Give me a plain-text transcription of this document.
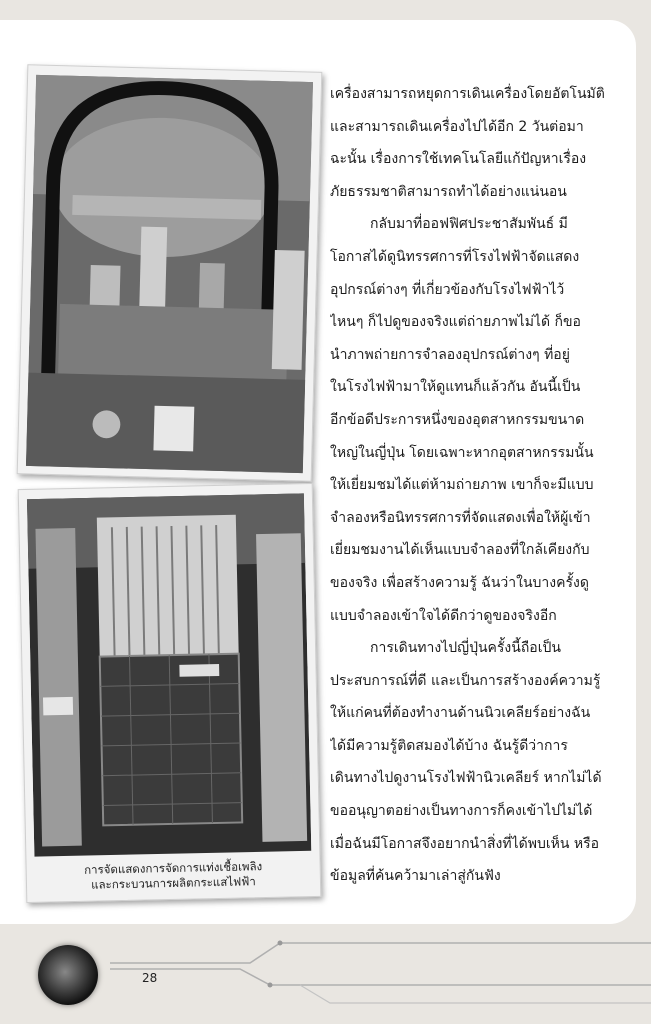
การจัดแสดงการจัดการแท่งเชื้อเพลิง
และกระบวนการผลิตกระแสไฟฟ้า
เครื่องสามารถหยุดการเดินเครื่องโดยอัตโนมัติ
และสามารถเดินเครื่องไปได้อีก 2 วันต่อมา
ฉะนั้น เรื่องการใช้เทคโนโลยีแก้ปัญหาเรื่อง
ภัยธรรมชาติสามารถทำได้อย่างแน่นอน
กลับมาที่ออฟฟิศประชาสัมพันธ์ มี
โอกาสได้ดูนิทรรศการที่โรงไฟฟ้าจัดแสดง
อุปกรณ์ต่างๆ ที่เกี่ยวข้องกับโรงไฟฟ้าไว้
ไหนๆ ก็ไปดูของจริงแต่ถ่ายภาพไม่ได้ ก็ขอ
นำภาพถ่ายการจำลองอุปกรณ์ต่างๆ ที่อยู่
ในโรงไฟฟ้ามาให้ดูแทนก็แล้วกัน อันนี้เป็น
อีกข้อดีประการหนึ่งของอุตสาหกรรมขนาด
ใหญ่ในญี่ปุ่น โดยเฉพาะหากอุตสาหกรรมนั้น
ให้เยี่ยมชมได้แต่ห้ามถ่ายภาพ เขาก็จะมีแบบ
จำลองหรือนิทรรศการที่จัดแสดงเพื่อให้ผู้เข้า
เยี่ยมชมงานได้เห็นแบบจำลองที่ใกล้เคียงกับ
ของจริง เพื่อสร้างความรู้ ฉันว่าในบางครั้งดู
แบบจำลองเข้าใจได้ดีกว่าดูของจริงอีก
การเดินทางไปญี่ปุ่นครั้งนี้ถือเป็น
ประสบการณ์ที่ดี และเป็นการสร้างองค์ความรู้
ให้แก่คนที่ต้องทำงานด้านนิวเคลียร์อย่างฉัน
ได้มีความรู้ติดสมองได้บ้าง ฉันรู้ดีว่าการ
เดินทางไปดูงานโรงไฟฟ้านิวเคลียร์ หากไม่ได้
ขออนุญาตอย่างเป็นทางการก็คงเข้าไปไม่ได้
เมื่อฉันมีโอกาสจึงอยากนำสิ่งที่ได้พบเห็น หรือ
ข้อมูลที่ค้นคว้ามาเล่าสู่กันฟัง
28
